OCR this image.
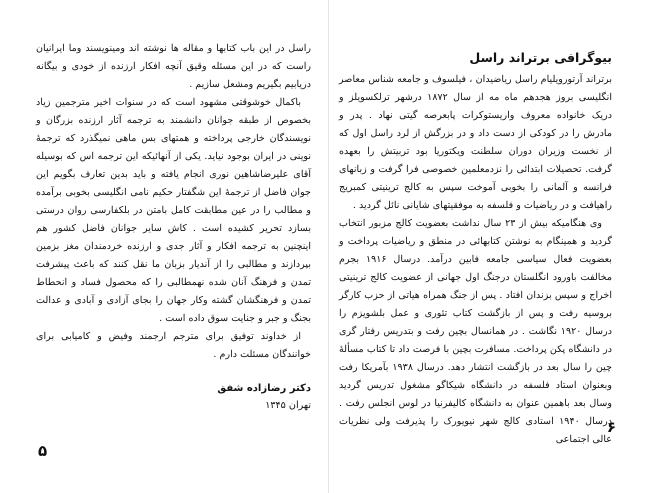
راسل در این باب کتابها و مقاله ها نوشته اند ومینویسند وما ایرانیان راست که در این مسئله وقیق آنچه افکار ارزنده از خودی و بیگانه دریابیم بگیریم ومشعل سازیم .

باکمال خوشوقتی مشهود است که در سنوات اخیر مترجمین زیاد بخصوص از طبقه جوانان دانشمند به ترجمه آثار ارزنده بزرگان و نویسندگان خارجی پرداخته و همتهای بس ماهی نمیگذرد که ترجمهٔ نوینی در ایران بوجود نیاید. یکی از آنهائیکه این ترجمه اس که بوسیله آقای علیرضاشاهین نوری انجام یافته و باید بدین تعارف بگویم این جوان فاضل از ترجمهٔ این شگفتار حکیم نامی انگلیسی بخوبی برآمده و مطالب را در عین مطابقت کامل بامتن در بلکفارسی روان درستی بسازد تحریر کشیده است . کاش سایر جوانان فاضل کشور هم اینچنین به ترجمه افکار و آثار جدی و ارزنده خردمندان مغز بزمین بپردازند و مطالبی را از آندیار بزبان ما نقل کنند که باعث پیشرفت تمدن و فرهنگ آنان شده نهمطالبی را که محصول فساد و انحطاط تمدن و فرهنگشان گشته وکار جهان را بجای آزادی و آبادی و عدالت بجنگ و جبر و جنایت سوق داده است .

از خداوند توفیق برای مترجم ارجمند وفیض و کامیابی برای خوانندگان مسئلت دارم .

دکتر رضازاده شفق
تهران ۱۳۴۵
۵
بیوگرافی برتراند راسل

برتراند آرتورویلیام راسل ریاضیدان ، فیلسوف و جامعه شناس معاصر انگلیسی بروز هجدهم ماه مه از سال ۱۸۷۲ درشهر ترلکسویلز و دریک خانواده معروف واریستوکرات پابعرصه گیتی نهاد . پدر و مادرش را در کودکی از دست داد و در بزرگش از لرد راسل اول که از نخست وزیران دوران سلطنت ویکتوریا بود تربیتش را بعهده گرفت. تحصیلات ابتدائی را نزدمعلمین خصوصی فرا گرفت و زبانهای فرانسه و آلمانی را بخوبی آموخت سپس به کالج ترینیتی کمبریج راهیافت و در ریاضیات و فلسفه به موفقیتهای شایانی نائل گردید .

وی هنگامیکه بیش از ۲۳ سال نداشت بعضویت کالج مزبور انتخاب گردید و همینگام به نوشتن کتابهائی در منطق و ریاضیات پرداخت و بعضویت فعال سیاسی جامعه فابین درآمد. درسال ۱۹۱۶ بجرم مخالفت باورود انگلستان درجنگ اول جهانی از عضویت کالج ترینیتی اخراج و سپس بزندان افتاد . پس از جنگ همراه هیاتی از حزب کارگر بروسیه رفت و پس از بازگشت کتاب تئوری و عمل بلشویزم را درسال ۱۹۲۰ نگاشت . در همانسال بچین رفت و بتدریس رفتار گری در دانشگاه پکن پرداخت. مسافرت بچین با فرصت داد تا کتاب مسألهٔ چین را سال بعد در بازگشت انتشار دهد. درسال ۱۹۳۸ بآمریکا رفت وبعنوان استاد فلسفه در دانشگاه شیکاگو مشغول تدریس گردید وسال بعد باهمین عنوان به دانشگاه کالیفرنیا در لوس انجلس رفت . درسال ۱۹۴۰ استادی کالج شهر نیویورک را پذیرفت ولی نظریات عالی اجتماعی

۶
